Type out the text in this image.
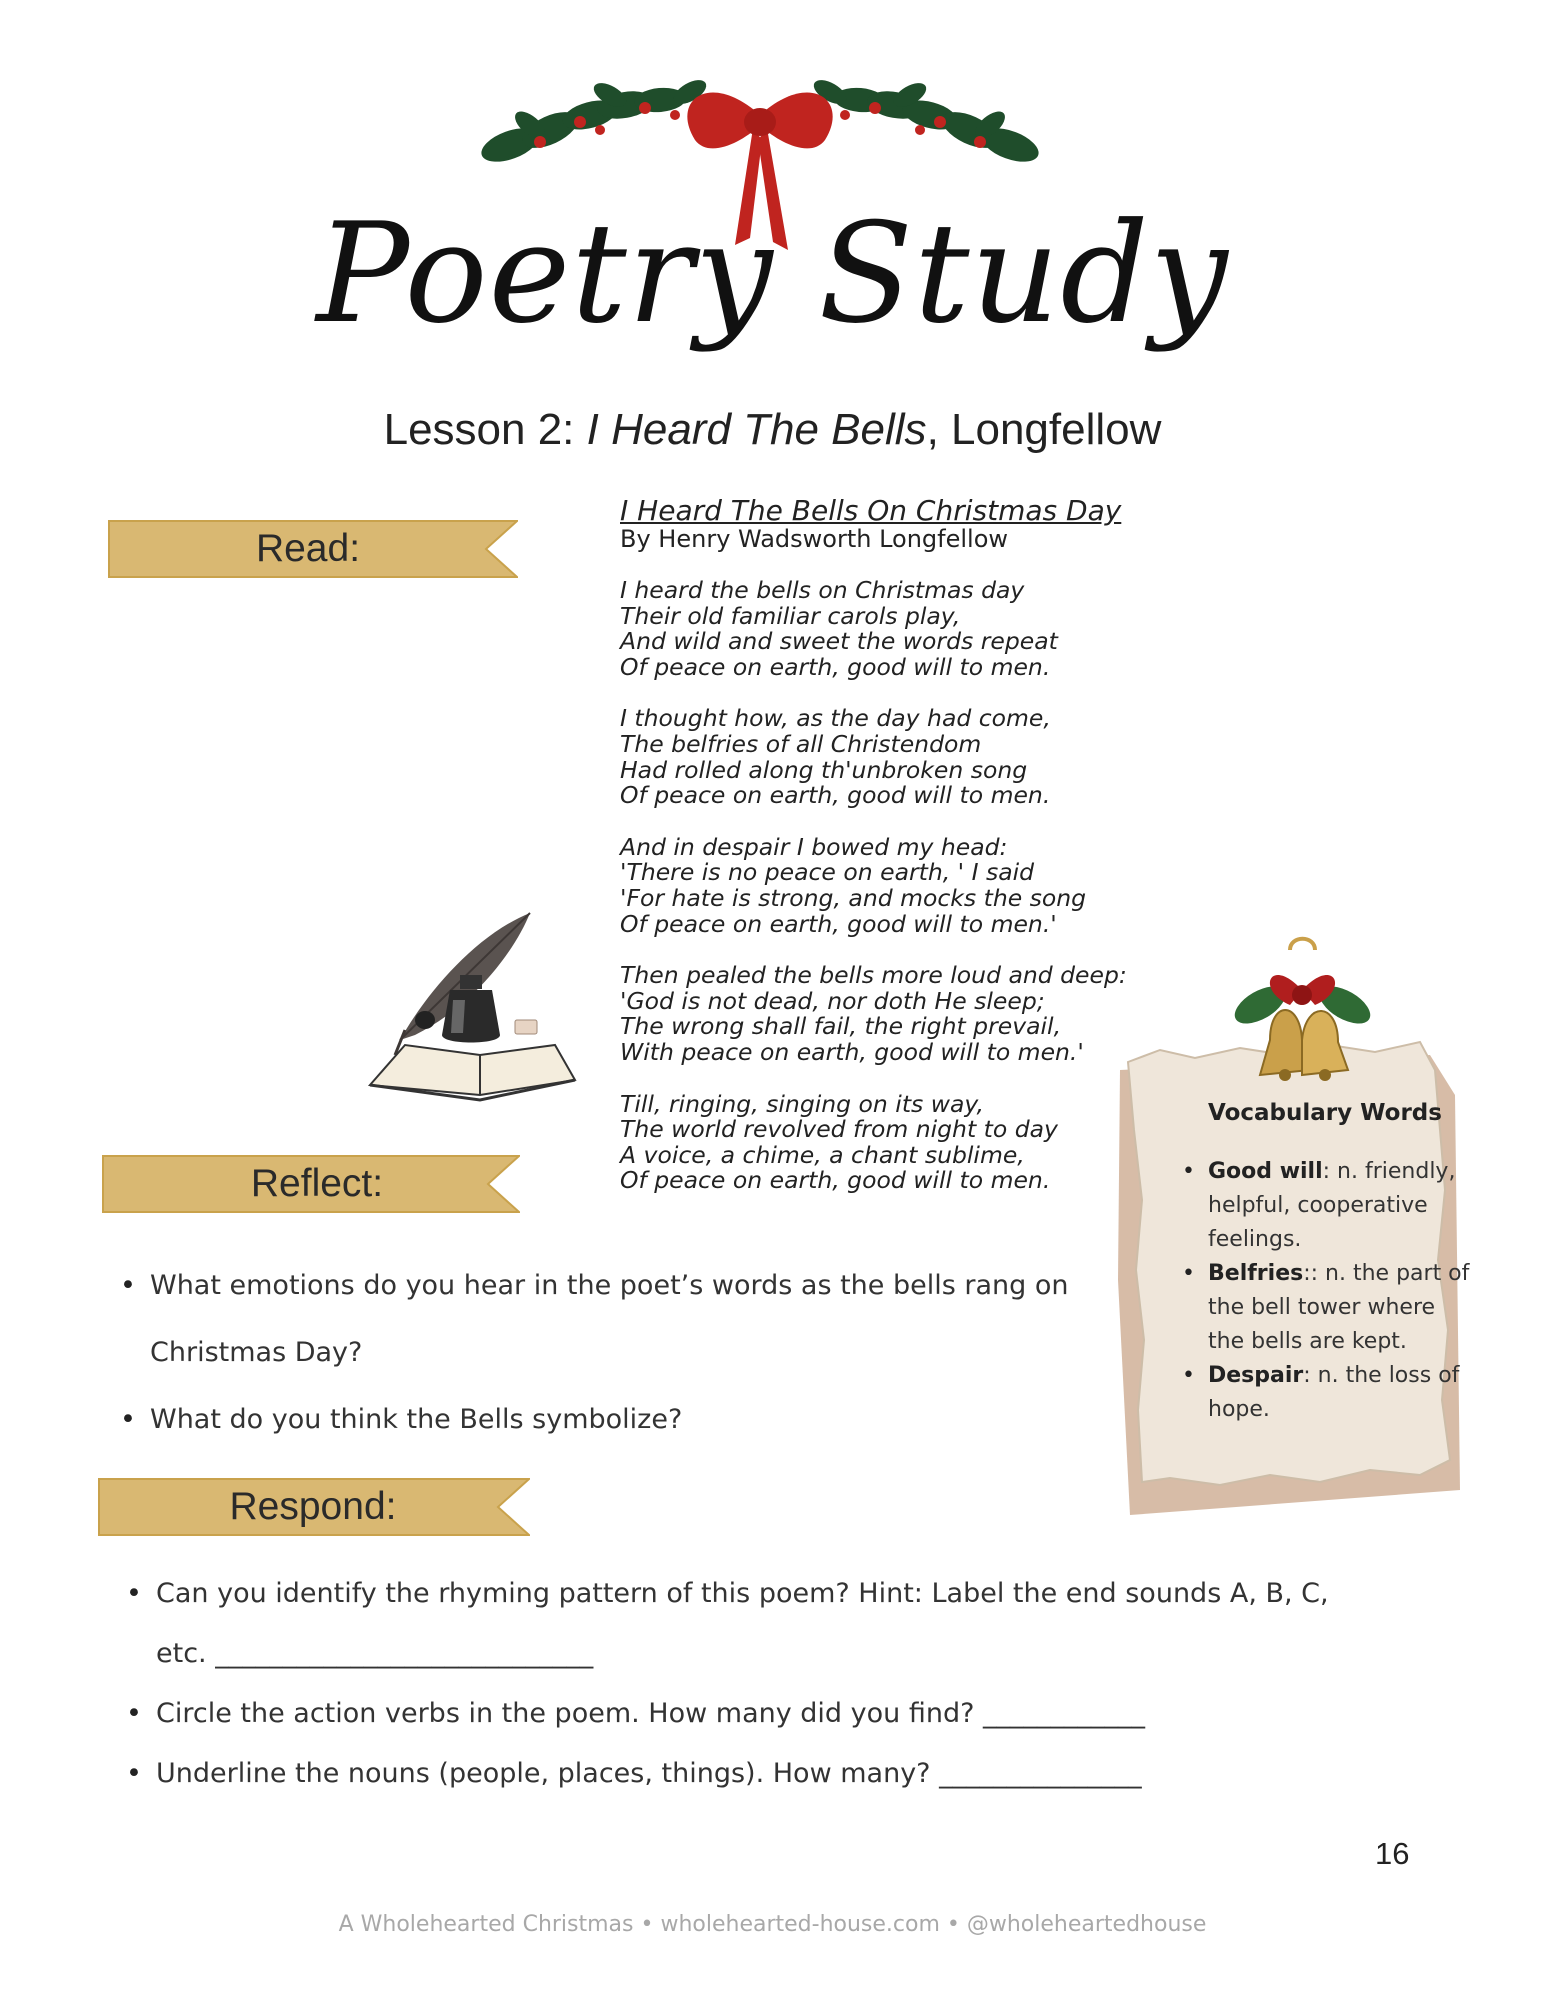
Poetry Study
Lesson 2: I Heard The Bells, Longfellow
Read:
Reflect:
Respond:
I Heard The Bells On Christmas Day
By Henry Wadsworth Longfellow
I heard the bells on Christmas day
Their old familiar carols play,
And wild and sweet the words repeat
Of peace on earth, good will to men.
I thought how, as the day had come,
The belfries of all Christendom
Had rolled along th'unbroken song
Of peace on earth, good will to men.
And in despair I bowed my head:
'There is no peace on earth, ' I said
'For hate is strong, and mocks the song
Of peace on earth, good will to men.'
Then pealed the bells more loud and deep:
'God is not dead, nor doth He sleep;
The wrong shall fail, the right prevail,
With peace on earth, good will to men.'
Till, ringing, singing on its way,
The world revolved from night to day
A voice, a chime, a chant sublime,
Of peace on earth, good will to men.
• What emotions do you hear in the poet’s words as the bells rang on Christmas Day?
• What do you think the Bells symbolize?
• Can you identify the rhyming pattern of this poem? Hint: Label the end sounds A, B, C, etc. ____________________________
• Circle the action verbs in the poem. How many did you find? ____________
• Underline the nouns (people, places, things). How many? _______________
Vocabulary Words
• Good will: n. friendly, helpful, cooperative feelings.
• Belfries:: n. the part of the bell tower where the bells are kept.
• Despair: n. the loss of hope.
16
A Wholehearted Christmas • wholehearted-house.com • @wholeheartedhouse
